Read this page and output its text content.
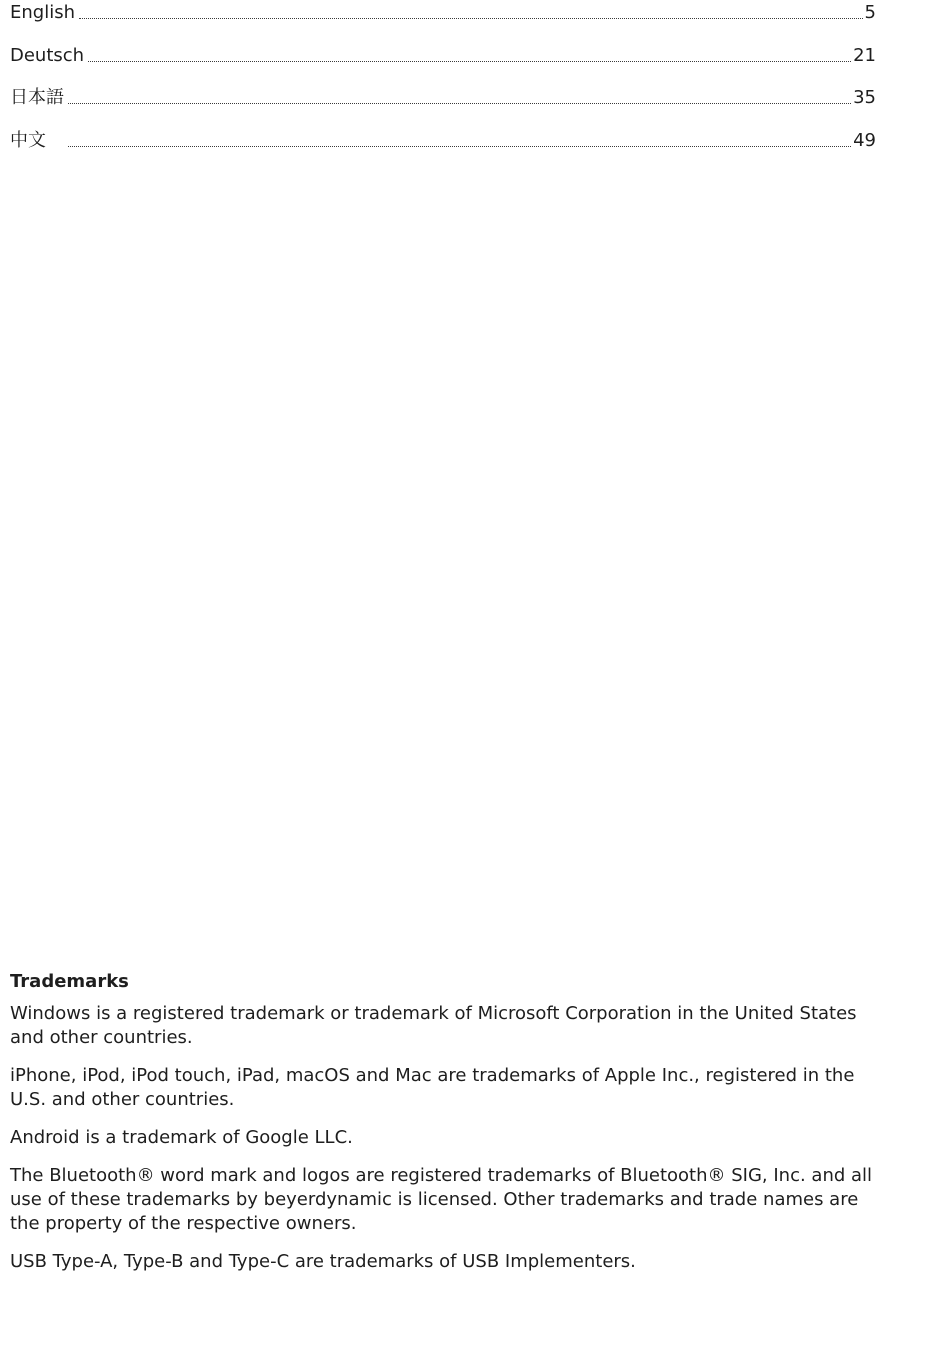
English	5
Deutsch	21
日本語	35
中文	49
Trademarks

Windows is a registered trademark or trademark of Microsoft Corporation in the United States and other countries.

iPhone, iPod, iPod touch, iPad, macOS and Mac are trademarks of Apple Inc., registered in the U.S. and other countries.

Android is a trademark of Google LLC.

The Bluetooth® word mark and logos are registered trademarks of Bluetooth® SIG, Inc. and all use of these trademarks by beyerdynamic is licensed. Other trademarks and trade names are the property of the respective owners.

USB Type-A, Type-B and Type-C are trademarks of USB Implementers.
